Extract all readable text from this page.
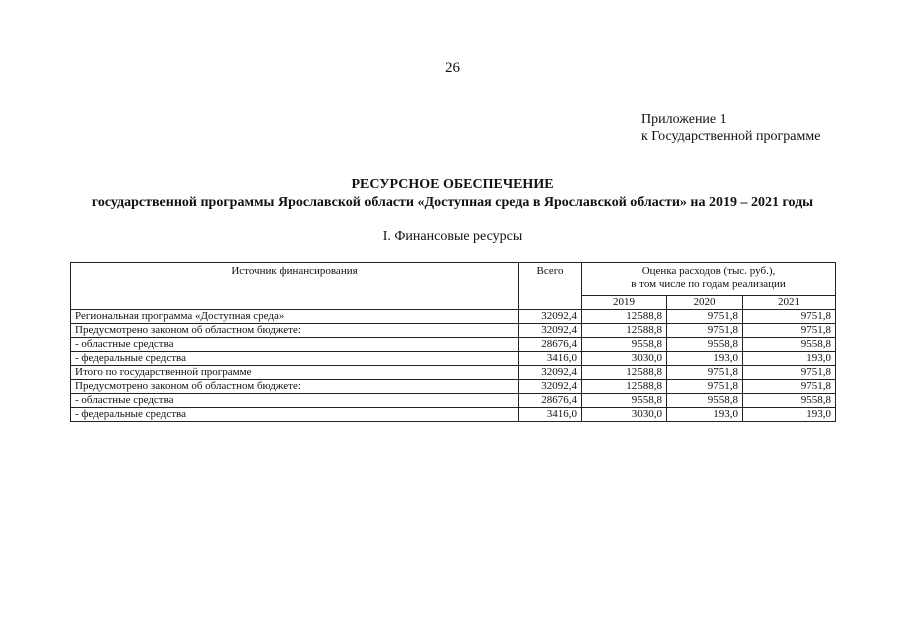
26
Приложение 1
к Государственной программе
РЕСУРСНОЕ ОБЕСПЕЧЕНИЕ
государственной программы Ярославской области «Доступная среда в Ярославской области» на 2019 – 2021 годы
I. Финансовые ресурсы
Источник финансирования	Всего	Оценка расходов (тыс. руб.),
в том числе по годам реализации		

		2019	2020	2021
Региональная программа «Доступная среда»	32092,4	12588,8	9751,8	9751,8
Предусмотрено законом об областном бюджете:	32092,4	12588,8	9751,8	9751,8
- областные средства	28676,4	9558,8	9558,8	9558,8
- федеральные средства	3416,0	3030,0	193,0	193,0
Итого по государственной программе	32092,4	12588,8	9751,8	9751,8
Предусмотрено законом об областном бюджете:	32092,4	12588,8	9751,8	9751,8
- областные средства	28676,4	9558,8	9558,8	9558,8
- федеральные средства	3416,0	3030,0	193,0	193,0
